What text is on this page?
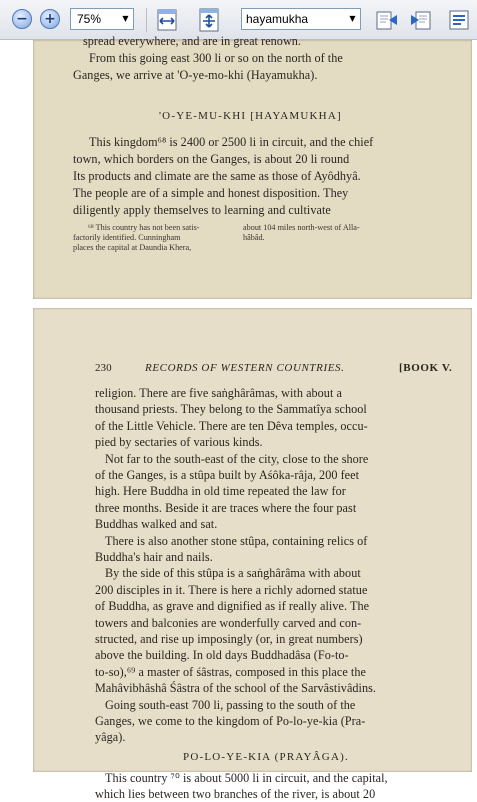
− +	75%	▼	hayamukha	▼
spread everywhere, and are in great renown.
From this going east 300 li or so on the north of the
Ganges, we arrive at 'O-ye-mo-khi (Hayamukha).
'O-YE-MU-KHI [HAYAMUKHA]
This kingdom⁶⁸ is 2400 or 2500 li in circuit, and the chief
town, which borders on the Ganges, is about 20 li round
Its products and climate are the same as those of Ayôdhyâ.
The people are of a simple and honest disposition. They
diligently apply themselves to learning and cultivate
⁶⁸ This country has not been satis-
factorily identified. Cunningham
places the capital at Daundia Khera,
about 104 miles north-west of Alla-
hâbâd.
230	RECORDS OF WESTERN COUNTRIES.	[BOOK V.
religion. There are five saṅghârâmas, with about a
thousand priests. They belong to the Sammatîya school
of the Little Vehicle. There are ten Dêva temples, occu-
pied by sectaries of various kinds.
Not far to the south-east of the city, close to the shore
of the Ganges, is a stûpa built by Aśôka-râja, 200 feet
high. Here Buddha in old time repeated the law for
three months. Beside it are traces where the four past
Buddhas walked and sat.
There is also another stone stûpa, containing relics of
Buddha's hair and nails.
By the side of this stûpa is a saṅghârâma with about
200 disciples in it. There is here a richly adorned statue
of Buddha, as grave and dignified as if really alive. The
towers and balconies are wonderfully carved and con-
structed, and rise up imposingly (or, in great numbers)
above the building. In old days Buddhadâsa (Fo-to-
to-so),⁶⁹ a master of śâstras, composed in this place the
Mahâvibhâshâ Śâstra of the school of the Sarvâstivâdins.
Going south-east 700 li, passing to the south of the
Ganges, we come to the kingdom of Po-lo-ye-kia (Pra-
yâga).
PO-LO-YE-KIA (PRAYÂGA).
This country ⁷⁰ is about 5000 li in circuit, and the capital,
which lies between two branches of the river, is about 20
